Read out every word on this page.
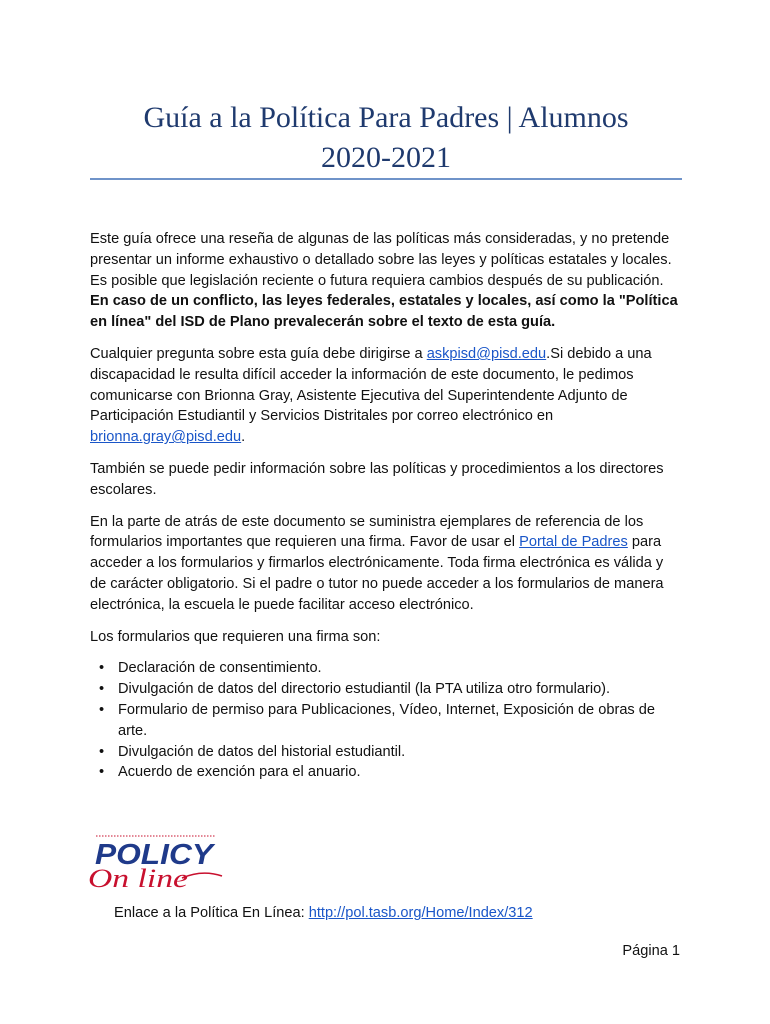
Guía a la Política Para Padres | Alumnos
2020-2021

Este guía ofrece una reseña de algunas de las políticas más consideradas, y no pretende presentar un informe exhaustivo o detallado sobre las leyes y políticas estatales y locales. Es posible que legislación reciente o futura requiera cambios después de su publicación. En caso de un conflicto, las leyes federales, estatales y locales, así como la "Política en línea" del ISD de Plano prevalecerán sobre el texto de esta guía.

Cualquier pregunta sobre esta guía debe dirigirse a askpisd@pisd.edu.Si debido a una discapacidad le resulta difícil acceder la información de este documento, le pedimos comunicarse con Brionna Gray, Asistente Ejecutiva del Superintendente Adjunto de Participación Estudiantil y Servicios Distritales por correo electrónico en brionna.gray@pisd.edu.

También se puede pedir información sobre las políticas y procedimientos a los directores escolares.

En la parte de atrás de este documento se suministra ejemplares de referencia de los formularios importantes que requieren una firma. Favor de usar el Portal de Padres para acceder a los formularios y firmarlos electrónicamente. Toda firma electrónica es válida y de carácter obligatorio. Si el padre o tutor no puede acceder a los formularios de manera electrónica, la escuela le puede facilitar acceso electrónico.

Los formularios que requieren una firma son:

• Declaración de consentimiento.
• Divulgación de datos del directorio estudiantil (la PTA utiliza otro formulario).
• Formulario de permiso para Publicaciones, Vídeo, Internet, Exposición de obras de arte.
• Divulgación de datos del historial estudiantil.
• Acuerdo de exención para el anuario.
POLICY
On line
Enlace a la Política En Línea: http://pol.tasb.org/Home/Index/312
Página 1
